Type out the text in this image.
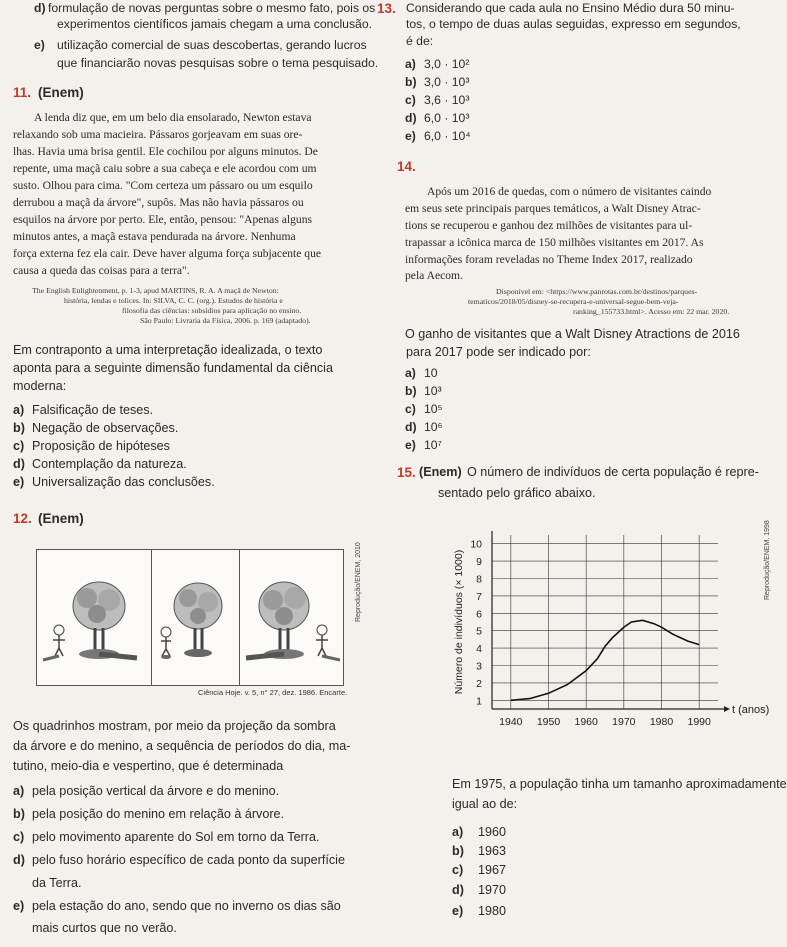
d) formulação de novas perguntas sobre o mesmo fato, pois os
experimentos científicos jamais chegam a uma conclusão.
e) utilização comercial de suas descobertas, gerando lucros
que financiarão novas pesquisas sobre o tema pesquisado.
11. (Enem)
A lenda diz que, em um belo dia ensolarado, Newton estava
relaxando sob uma macieira. Pássaros gorjeavam em suas ore-
lhas. Havia uma brisa gentil. Ele cochilou por alguns minutos. De
repente, uma maçã caiu sobre a sua cabeça e ele acordou com um
susto. Olhou para cima. "Com certeza um pássaro ou um esquilo
derrubou a maçã da árvore", supôs. Mas não havia pássaros ou
esquilos na árvore por perto. Ele, então, pensou: "Apenas alguns
minutos antes, a maçã estava pendurada na árvore. Nenhuma
força externa fez ela cair. Deve haver alguma força subjacente que
causa a queda das coisas para a terra".
The English Enlightenment, p. 1-3, apud MARTINS, R. A. A maçã de Newton:
história, lendas e tolices. In: SILVA, C. C. (org.). Estudos de história e
filosofia das ciências: subsídios para aplicação no ensino.
São Paulo: Livraria da Física, 2006. p. 169 (adaptado).
Em contraponto a uma interpretação idealizada, o texto
aponta para a seguinte dimensão fundamental da ciência
moderna:
a) Falsificação de teses.
b) Negação de observações.
c) Proposição de hipóteses
d) Contemplação da natureza.
e) Universalização das conclusões.
12. (Enem)
Reprodução/ENEM, 2010
Ciência Hoje. v. 5, n° 27, dez. 1986. Encarte.
Os quadrinhos mostram, por meio da projeção da sombra
da árvore e do menino, a sequência de períodos do dia, ma-
tutino, meio-dia e vespertino, que é determinada
a) pela posição vertical da árvore e do menino.
b) pela posição do menino em relação à árvore.
c) pelo movimento aparente do Sol em torno da Terra.
d) pelo fuso horário específico de cada ponto da superfície
da Terra.
e) pela estação do ano, sendo que no inverno os dias são
mais curtos que no verão.
13. Considerando que cada aula no Ensino Médio dura 50 minu-
tos, o tempo de duas aulas seguidas, expresso em segundos,
é de:
a) 3,0 · 10²
b) 3,0 · 10³
c) 3,6 · 10³
d) 6,0 · 10³
e) 6,0 · 10⁴
14.
Após um 2016 de quedas, com o número de visitantes caindo
em seus sete principais parques temáticos, a Walt Disney Atrac-
tions se recuperou e ganhou dez milhões de visitantes para ul-
trapassar a icônica marca de 150 milhões visitantes em 2017. As
informações foram reveladas no Theme Index 2017, realizado
pela Aecom.
Disponível em: <https://www.panrotas.com.br/destinos/parques-
tematicos/2018/05/disney-se-recupera-e-universal-segue-bem-veja-
ranking_155733.html>. Acesso em: 22 mar. 2020.
O ganho de visitantes que a Walt Disney Atractions de 2016
para 2017 pode ser indicado por:
a) 10
b) 10³
c) 10⁵
d) 10⁶
e) 10⁷
15. (Enem) O número de indivíduos de certa população é repre-
sentado pelo gráfico abaixo.
1
2
3
4
5
6
7
8
9
10
1940 1950 1960 1970 1980 1990
Número de indivíduos (× 1000)
t (anos)
Reprodução/ENEM, 1998
Em 1975, a população tinha um tamanho aproximadamente
igual ao de:
a) 1960
b) 1963
c) 1967
d) 1970
e) 1980
